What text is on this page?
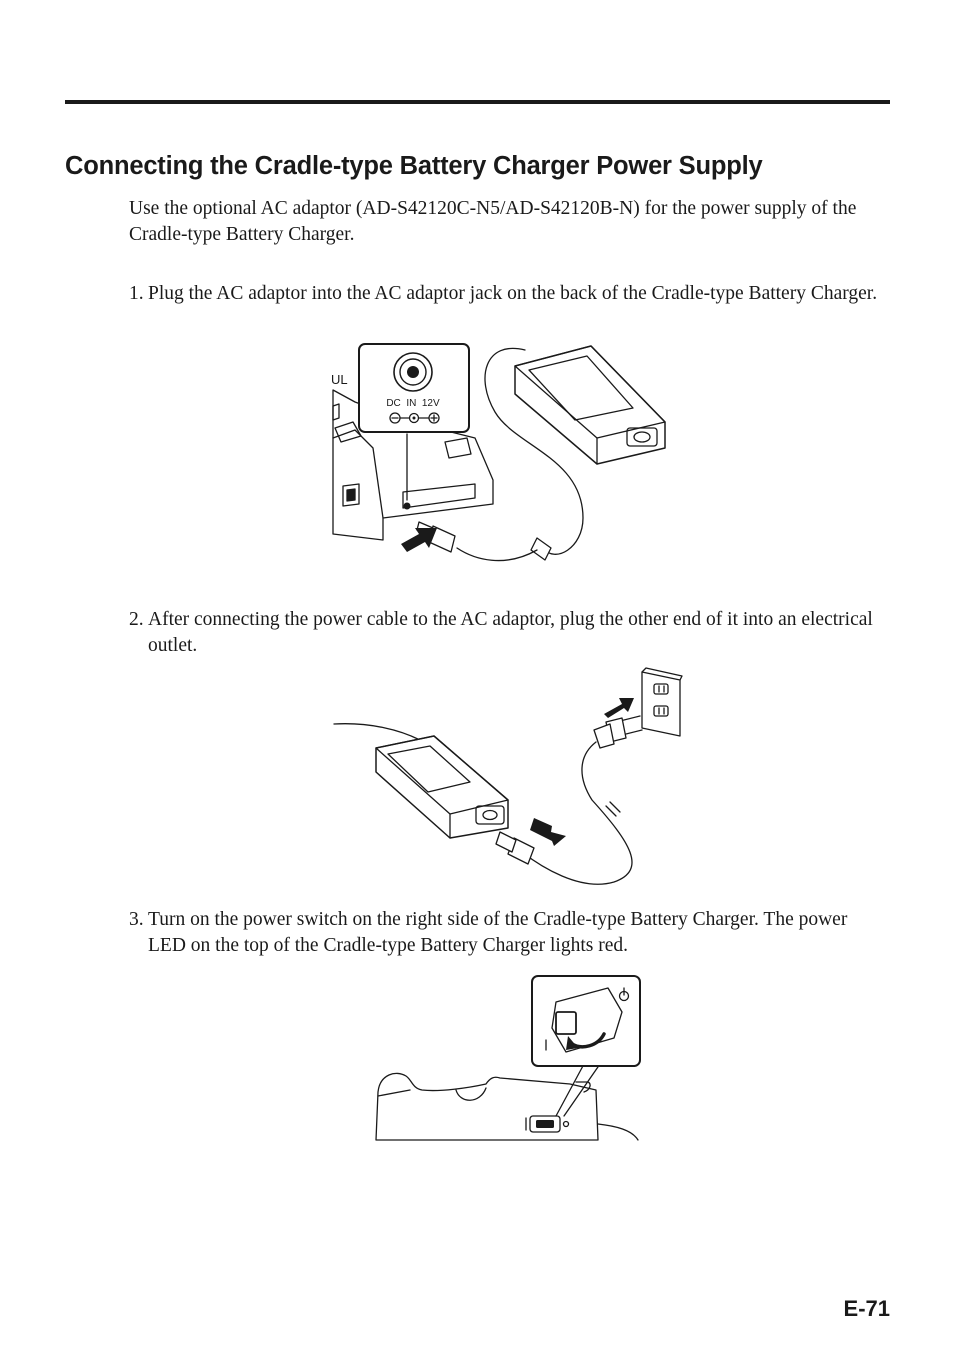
Connecting the Cradle-type Battery Charger Power Supply

Use the optional AC adaptor (AD-S42120C-N5/AD-S42120B-N) for the power supply of the Cradle-type Battery Charger.

1. Plug the AC adaptor into the AC adaptor jack on the back of the Cradle-type Battery Charger.

UL
DC  IN  12V

2. After connecting the power cable to the AC adaptor, plug the other end of it into an electrical outlet.

3. Turn on the power switch on the right side of the Cradle-type Battery Charger. The power LED on the top of the Cradle-type Battery Charger lights red.

E-71
